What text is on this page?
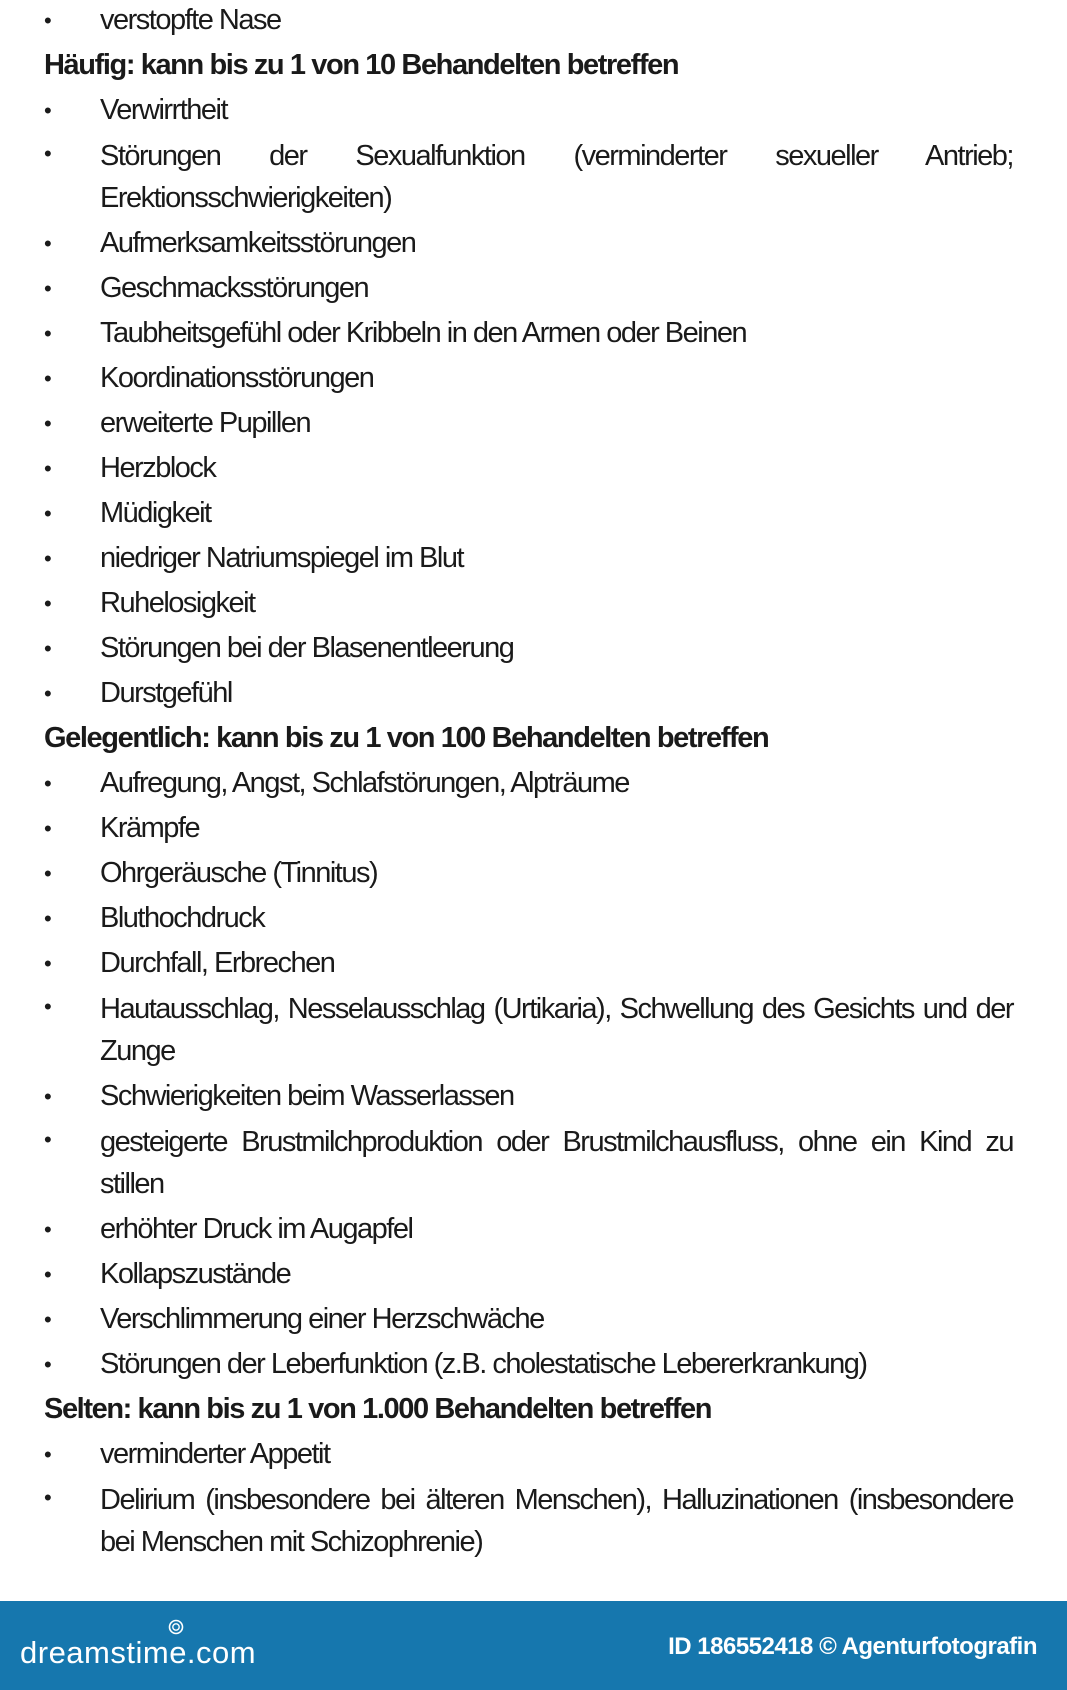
• verstopfte Nase
Häufig: kann bis zu 1 von 10 Behandelten betreffen
• Verwirrtheit
• Störungen der Sexualfunktion (verminderter sexueller Antrieb; Erektionsschwierigkeiten)
• Aufmerksamkeitsstörungen
• Geschmacksstörungen
• Taubheitsgefühl oder Kribbeln in den Armen oder Beinen
• Koordinationsstörungen
• erweiterte Pupillen
• Herzblock
• Müdigkeit
• niedriger Natriumspiegel im Blut
• Ruhelosigkeit
• Störungen bei der Blasenentleerung
• Durstgefühl
Gelegentlich: kann bis zu 1 von 100 Behandelten betreffen
• Aufregung, Angst, Schlafstörungen, Alpträume
• Krämpfe
• Ohrgeräusche (Tinnitus)
• Bluthochdruck
• Durchfall, Erbrechen
• Hautausschlag, Nesselausschlag (Urtikaria), Schwellung des Gesichts und der Zunge
• Schwierigkeiten beim Wasserlassen
• gesteigerte Brustmilchproduktion oder Brustmilchausfluss, ohne ein Kind zu stillen
• erhöhter Druck im Augapfel
• Kollapszustände
• Verschlimmerung einer Herzschwäche
• Störungen der Leberfunktion (z.B. cholestatische Lebererkrankung)
Selten: kann bis zu 1 von 1.000 Behandelten betreffen
• verminderter Appetit
• Delirium (insbesondere bei älteren Menschen), Halluzinationen (insbesondere bei Menschen mit Schizophrenie)
dreamstime.com	ID 186552418 © Agenturfotografin
